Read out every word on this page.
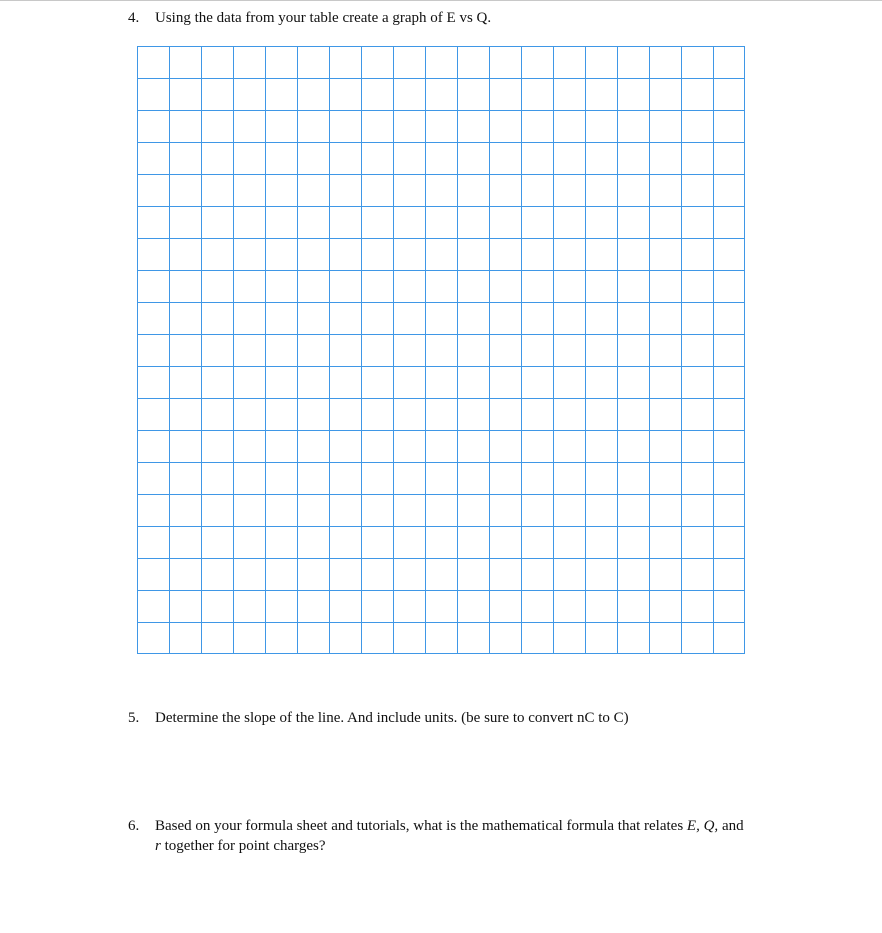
4. Using the data from your table create a graph of E vs Q.
5. Determine the slope of the line. And include units. (be sure to convert nC to C)
6. Based on your formula sheet and tutorials, what is the mathematical formula that relates E, Q, and
r together for point charges?
